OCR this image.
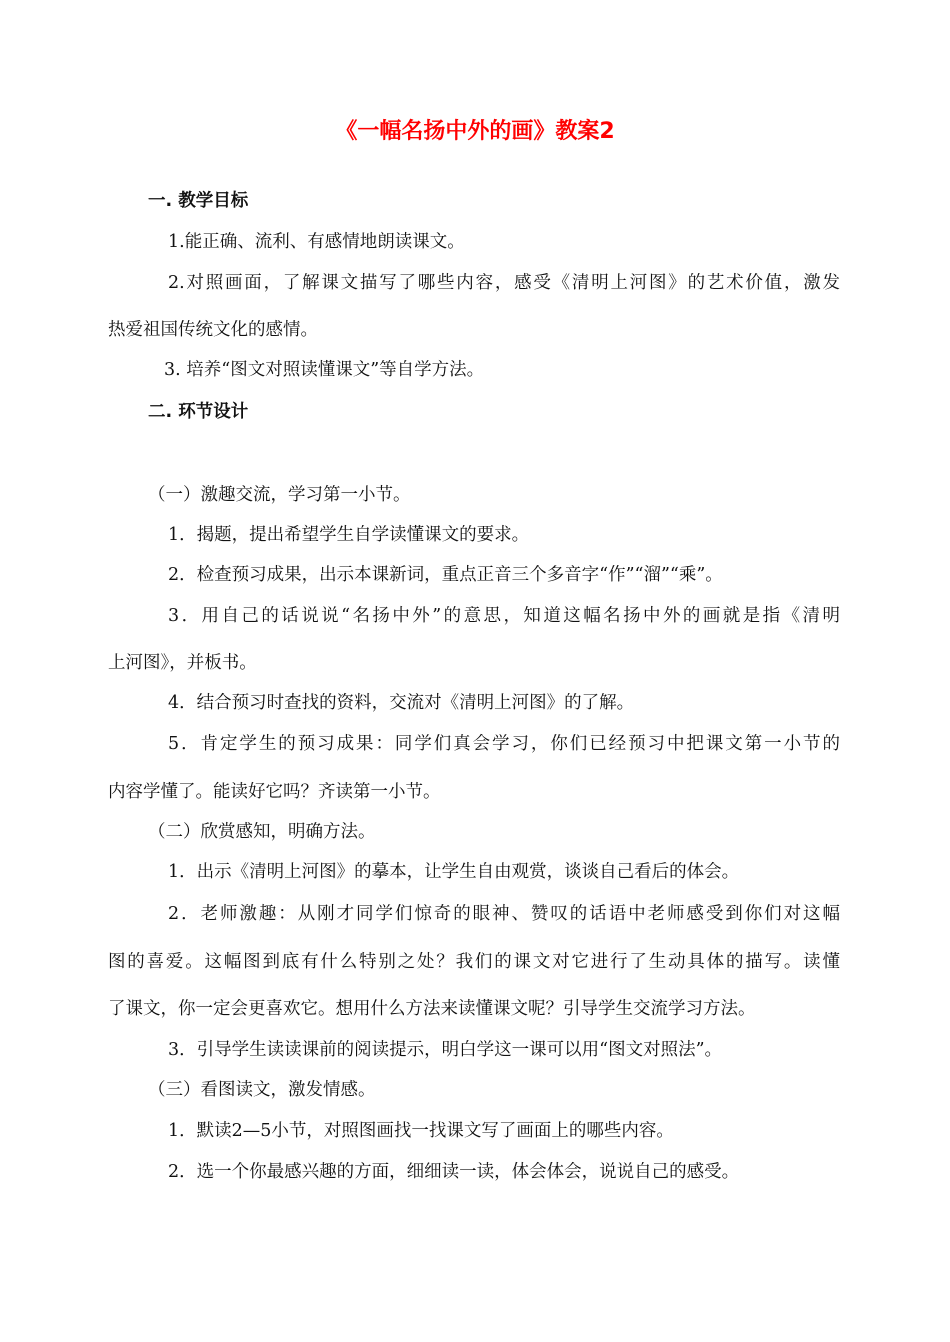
《一幅名扬中外的画》教案2
一. 教学目标
1.能正确、流利、有感情地朗读课文。
2.对照画面，了解课文描写了哪些内容，感受《清明上河图》的艺术价值，激发
热爱祖国传统文化的感情。
3. 培养“图文对照读懂课文”等自学方法。
二. 环节设计
（一）激趣交流，学习第一小节。
1．揭题，提出希望学生自学读懂课文的要求。
2．检查预习成果，出示本课新词，重点正音三个多音字“作”“溜”“乘”。
3．用自己的话说说“名扬中外”的意思，知道这幅名扬中外的画就是指《清明
上河图》，并板书。
4．结合预习时查找的资料，交流对《清明上河图》的了解。
5．肯定学生的预习成果：同学们真会学习，你们已经预习中把课文第一小节的
内容学懂了。能读好它吗？齐读第一小节。
（二）欣赏感知，明确方法。
1．出示《清明上河图》的摹本，让学生自由观赏，谈谈自己看后的体会。
2．老师激趣：从刚才同学们惊奇的眼神、赞叹的话语中老师感受到你们对这幅
图的喜爱。这幅图到底有什么特别之处？我们的课文对它进行了生动具体的描写。读懂
了课文，你一定会更喜欢它。想用什么方法来读懂课文呢？引导学生交流学习方法。
3．引导学生读读课前的阅读提示，明白学这一课可以用“图文对照法”。
（三）看图读文，激发情感。
1．默读2—5小节，对照图画找一找课文写了画面上的哪些内容。
2．选一个你最感兴趣的方面，细细读一读，体会体会，说说自己的感受。
